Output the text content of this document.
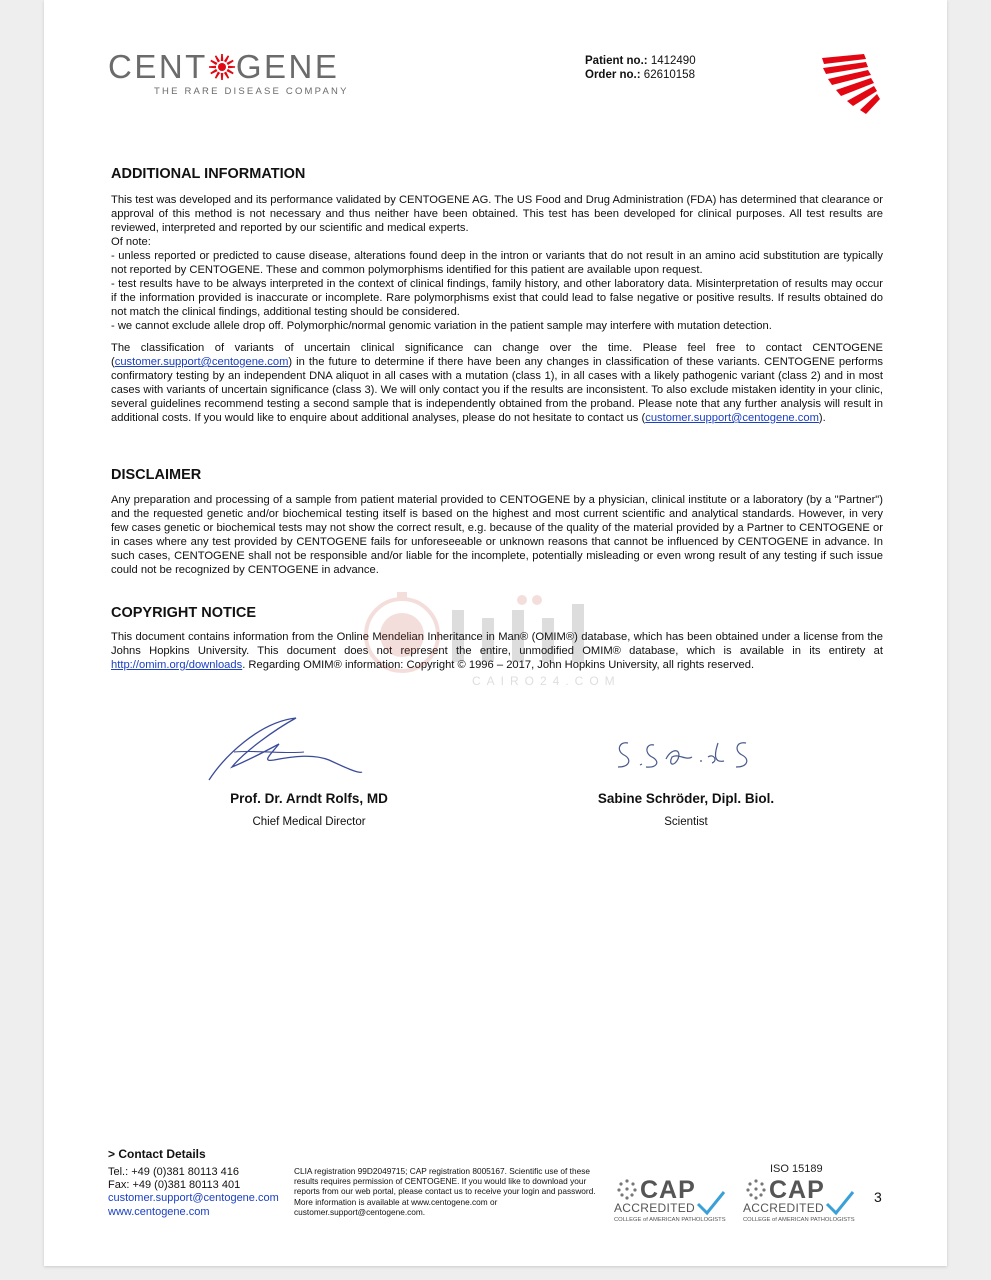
CENT GENE
THE RARE DISEASE COMPANY
Patient no.: 1412490
Order no.: 62610158
ADDITIONAL INFORMATION

This test was developed and its performance validated by CENTOGENE AG. The US Food and Drug Administration (FDA) has determined that clearance or approval of this method is not necessary and thus neither have been obtained. This test has been developed for clinical purposes. All test results are reviewed, interpreted and reported by our scientific and medical experts.

Of note:

- unless reported or predicted to cause disease, alterations found deep in the intron or variants that do not result in an amino acid substitution are typically not reported by CENTOGENE. These and common polymorphisms identified for this patient are available upon request.

- test results have to be always interpreted in the context of clinical findings, family history, and other laboratory data. Misinterpretation of results may occur if the information provided is inaccurate or incomplete. Rare polymorphisms exist that could lead to false negative or positive results. If results obtained do not match the clinical findings, additional testing should be considered.

- we cannot exclude allele drop off. Polymorphic/normal genomic variation in the patient sample may interfere with mutation detection.

The classification of variants of uncertain clinical significance can change over the time. Please feel free to contact CENTOGENE (customer.support@centogene.com) in the future to determine if there have been any changes in classification of these variants. CENTOGENE performs confirmatory testing by an independent DNA aliquot in all cases with a mutation (class 1), in all cases with a likely pathogenic variant (class 2) and in most cases with variants of uncertain significance (class 3). We will only contact you if the results are inconsistent. To also exclude mistaken identity in your clinic, several guidelines recommend testing a second sample that is independently obtained from the proband. Please note that any further analysis will result in additional costs. If you would like to enquire about additional analyses, please do not hesitate to contact us (customer.support@centogene.com).

DISCLAIMER
Any preparation and processing of a sample from patient material provided to CENTOGENE by a physician, clinical institute or a laboratory (by a "Partner") and the requested genetic and/or biochemical testing itself is based on the highest and most current scientific and analytical standards. However, in very few cases genetic or biochemical tests may not show the correct result, e.g. because of the quality of the material provided by a Partner to CENTOGENE or in cases where any test provided by CENTOGENE fails for unforeseeable or unknown reasons that cannot be influenced by CENTOGENE in advance. In such cases, CENTOGENE shall not be responsible and/or liable for the incomplete, potentially misleading or even wrong result of any testing if such issue could not be recognized by CENTOGENE in advance.
COPYRIGHT NOTICE

This document contains information from the Online Mendelian Inheritance in Man® (OMIM®) database, which has been obtained under a license from the Johns Hopkins University. This document does not represent the entire, unmodified OMIM® database, which is available in its entirety at http://omim.org/downloads. Regarding OMIM® information: Copyright © 1996 – 2017, John Hopkins University, all rights reserved.

CAIRO24.COM
Prof. Dr. Arndt Rolfs, MD
Chief Medical Director
Sabine Schröder, Dipl. Biol.
Scientist
> Contact Details
Tel.: +49 (0)381 80113 416
Fax: +49 (0)381 80113 401
customer.support@centogene.com
www.centogene.com
CLIA registration 99D2049715; CAP registration 8005167. Scientific use of these results requires permission of CENTOGENE. If you would like to download your reports from our web portal, please contact us to receive your login and password. More information is available at www.centogene.com or customer.support@centogene.com.
CAP
ACCREDITED
COLLEGE of AMERICAN PATHOLOGISTS
ISO 15189
CAP
ACCREDITED
COLLEGE of AMERICAN PATHOLOGISTS
3
